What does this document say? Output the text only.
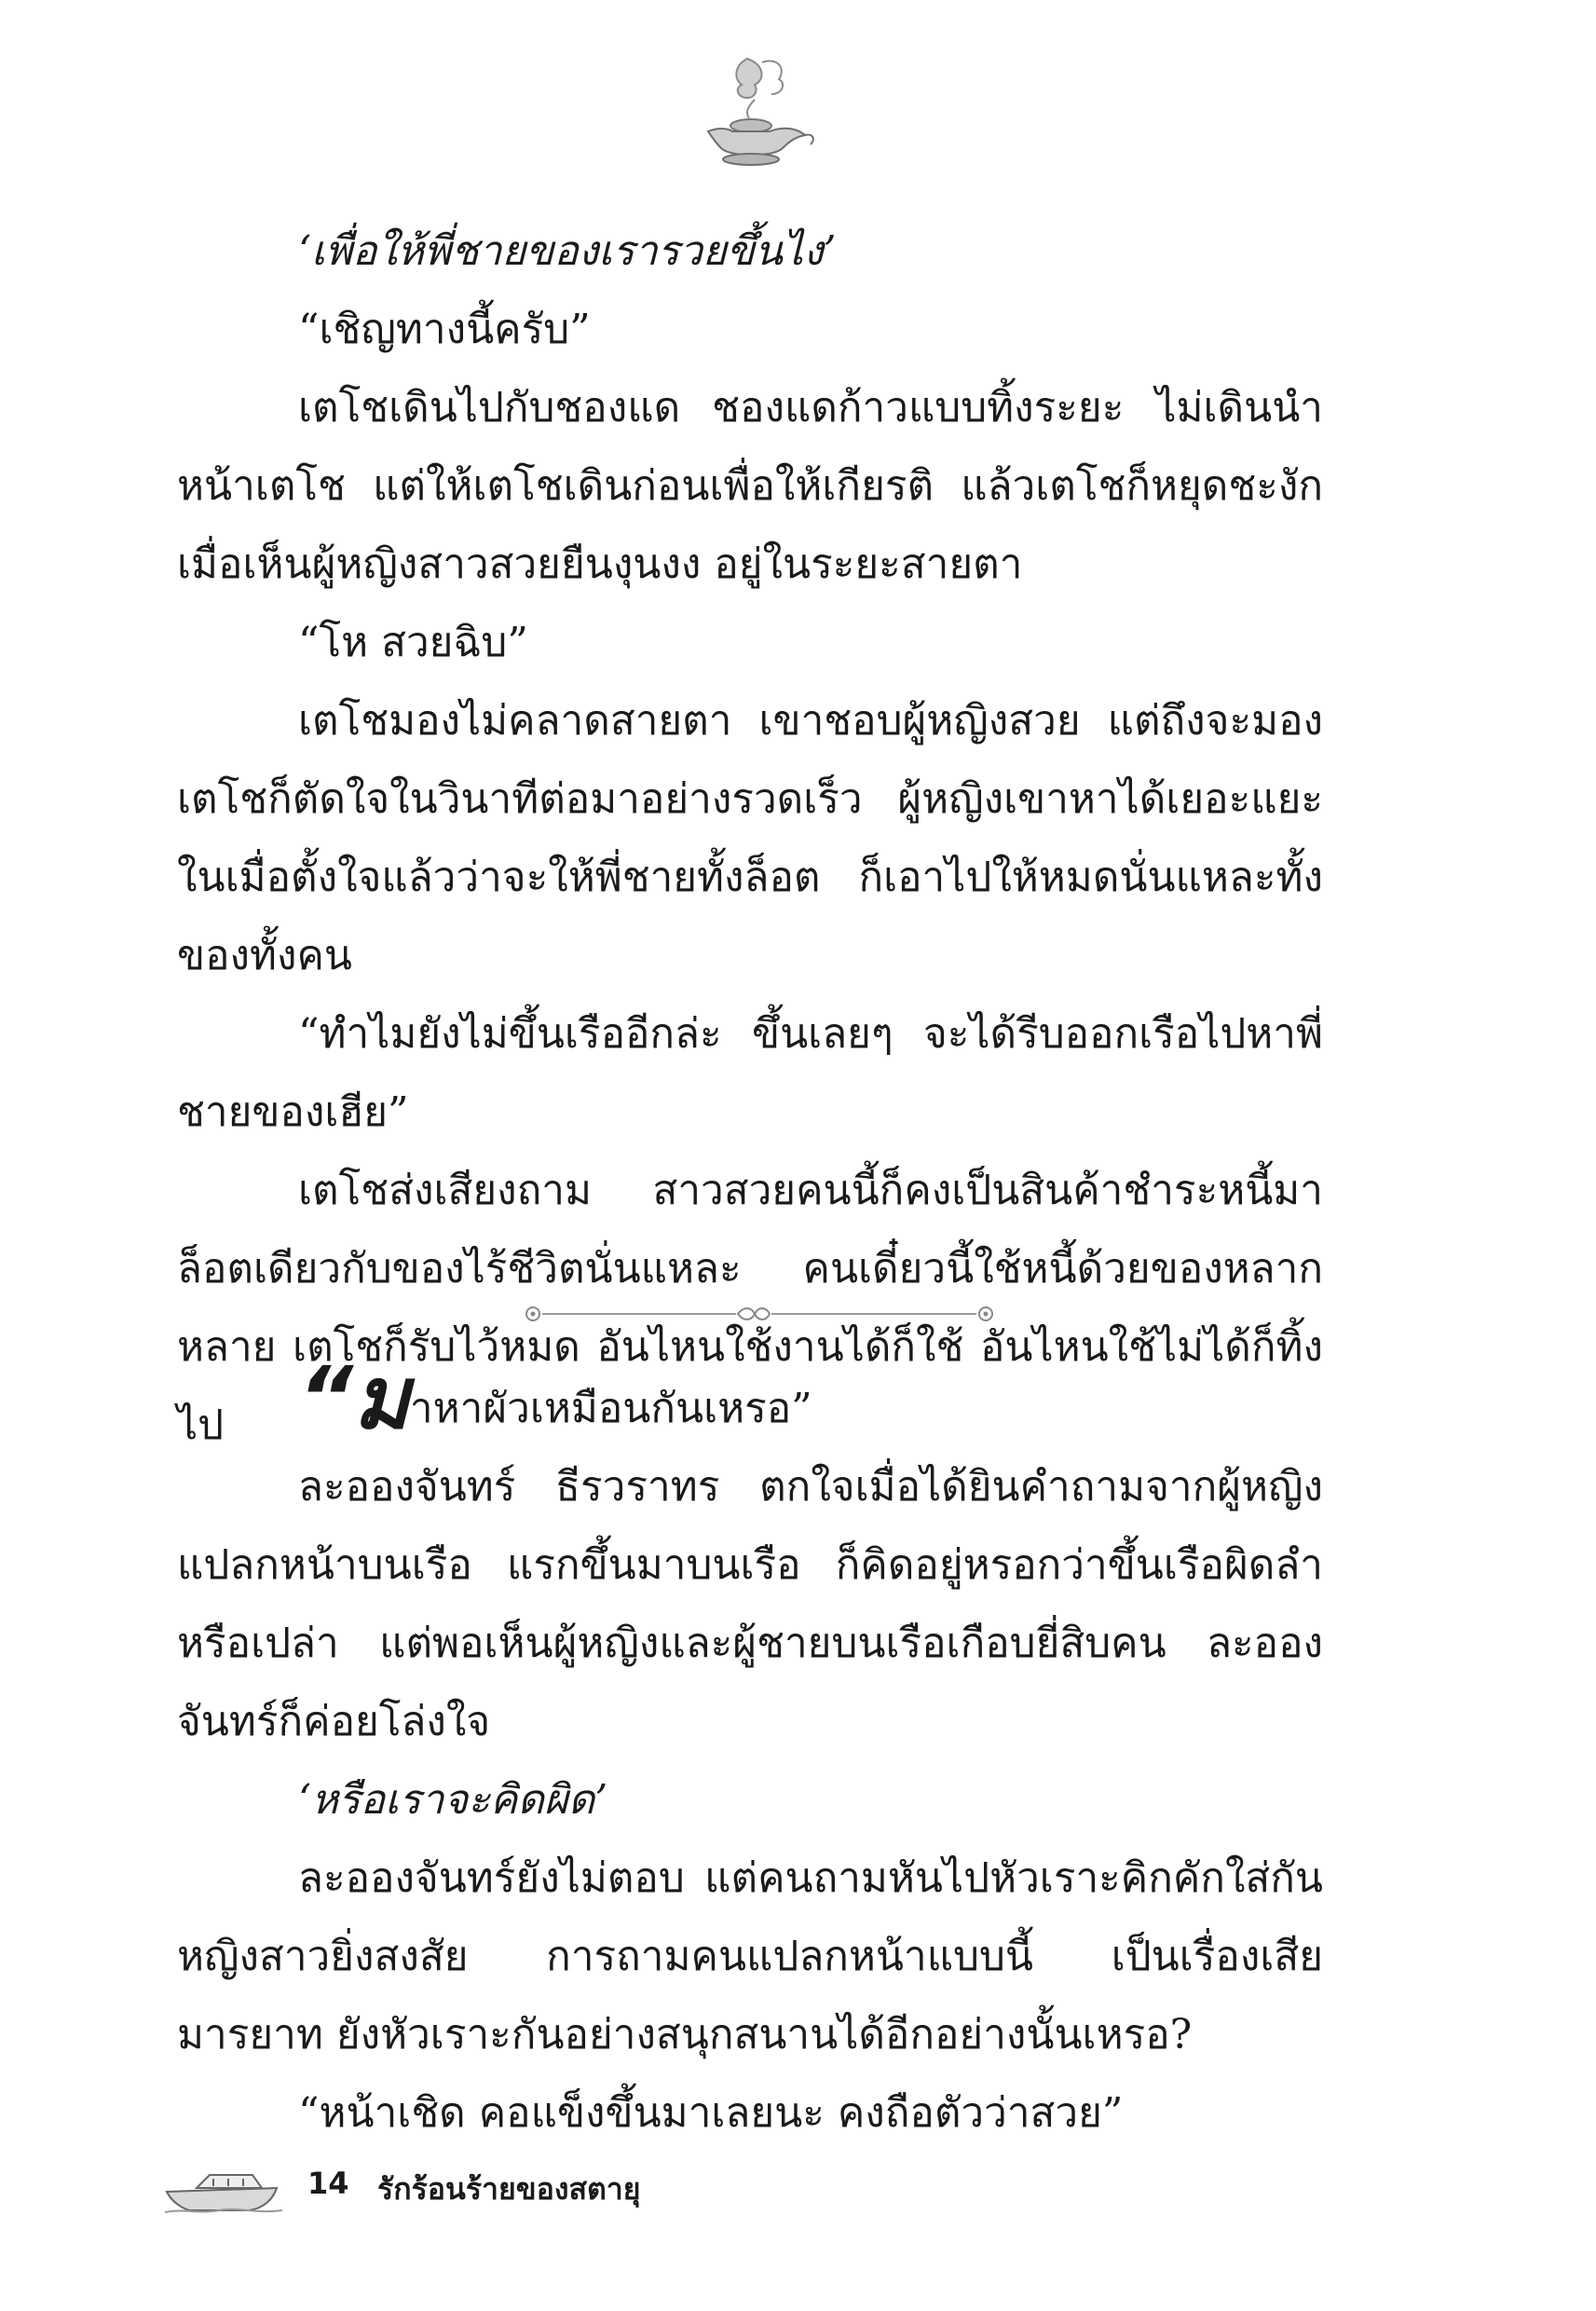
‘เพื่อให้พี่ชายของเรารวยขึ้นไง’

“เชิญทางนี้ครับ”

เตโชเดินไปกับชองแด ชองแดก้าวแบบทิ้งระยะ ไม่เดินนำหน้าเตโช แต่ให้เตโชเดินก่อนเพื่อให้เกียรติ แล้วเตโชก็หยุดชะงัก เมื่อเห็นผู้หญิงสาวสวยยืนงุนงง อยู่ในระยะสายตา

“โห สวยฉิบ”

เตโชมองไม่คลาดสายตา เขาชอบผู้หญิงสวย แต่ถึงจะมอง เตโชก็ตัดใจในวินาทีต่อมาอย่างรวดเร็ว ผู้หญิงเขาหาได้เยอะแยะ ในเมื่อตั้งใจแล้วว่าจะให้พี่ชายทั้งล็อต ก็เอาไปให้หมดนั่นแหละทั้งของทั้งคน

“ทำไมยังไม่ขึ้นเรืออีกล่ะ ขึ้นเลยๆ จะได้รีบออกเรือไปหาพี่ชายของเฮีย”

เตโชส่งเสียงถาม สาวสวยคนนี้ก็คงเป็นสินค้าชำระหนี้มาล็อตเดียวกับของไร้ชีวิตนั่นแหละ คนเดี๋ยวนี้ใช้หนี้ด้วยของหลากหลาย เตโชก็รับไว้หมด อันไหนใช้งานได้ก็ใช้ อันไหนใช้ไม่ได้ก็ทิ้งไป “มาหาผัวเหมือนกันเหรอ”

ละอองจันทร์ ธีรวราทร ตกใจเมื่อได้ยินคำถามจากผู้หญิงแปลกหน้าบนเรือ แรกขึ้นมาบนเรือ ก็คิดอยู่หรอกว่าขึ้นเรือผิดลำหรือเปล่า แต่พอเห็นผู้หญิงและผู้ชายบนเรือเกือบยี่สิบคน ละอองจันทร์ก็ค่อยโล่งใจ

‘หรือเราจะคิดผิด’

ละอองจันทร์ยังไม่ตอบ แต่คนถามหันไปหัวเราะคิกคักใส่กันหญิงสาวยิ่งสงสัย การถามคนแปลกหน้าแบบนี้ เป็นเรื่องเสียมารยาท ยังหัวเราะกันอย่างสนุกสนานได้อีกอย่างนั้นเหรอ?

“หน้าเชิด คอแข็งขึ้นมาเลยนะ คงถือตัวว่าสวย”

14 รักร้อนร้ายของสตายุ
